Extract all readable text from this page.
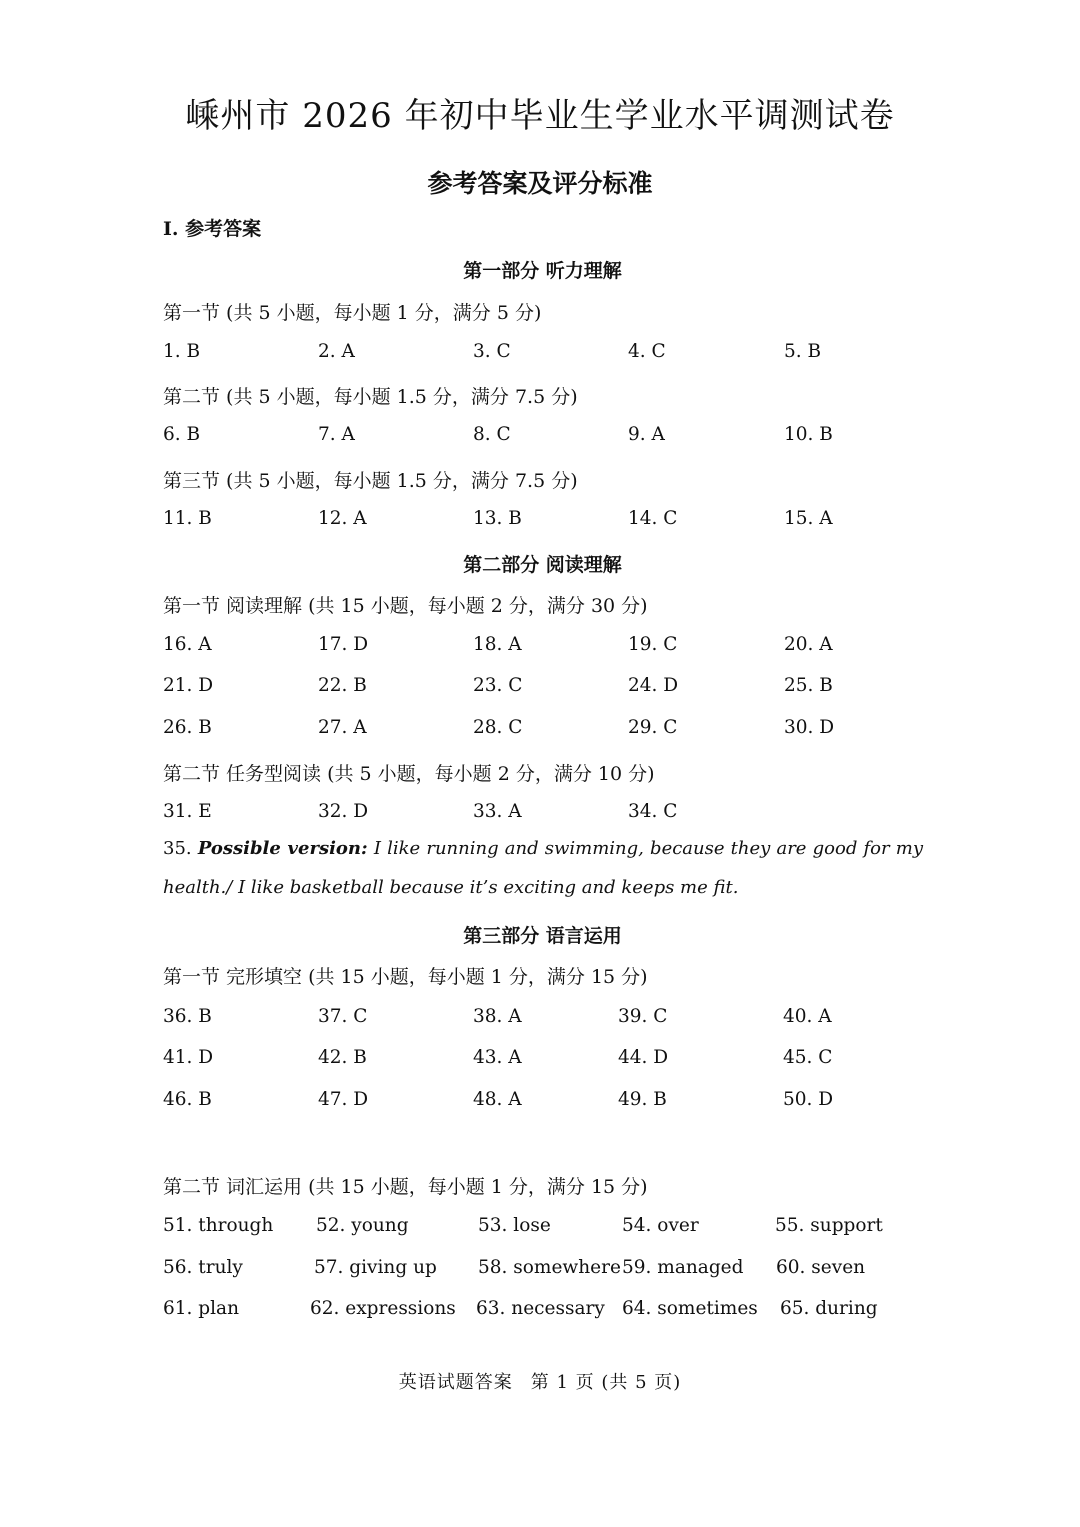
嵊州市 2026 年初中毕业生学业水平调测试卷
参考答案及评分标准
I. 参考答案
第一部分 听力理解
第一节 (共 5 小题，每小题 1 分，满分 5 分)
1. B	2. A	3. C	4. C	5. B
第二节 (共 5 小题，每小题 1.5 分，满分 7.5 分)
6. B	7. A	8. C	9. A	10. B
第三节 (共 5 小题，每小题 1.5 分，满分 7.5 分)
11. B	12. A	13. B	14. C	15. A
第二部分 阅读理解
第一节 阅读理解 (共 15 小题，每小题 2 分，满分 30 分)
16. A	17. D	18. A	19. C	20. A
21. D	22. B	23. C	24. D	25. B
26. B	27. A	28. C	29. C	30. D
第二节 任务型阅读 (共 5 小题，每小题 2 分，满分 10 分)
31. E	32. D	33. A	34. C
35. Possible version: I like running and swimming, because they are good for my health./ I like basketball because it’s exciting and keeps me fit.
第三部分 语言运用
第一节 完形填空 (共 15 小题，每小题 1 分，满分 15 分)
36. B	37. C	38. A	39. C	40. A
41. D	42. B	43. A	44. D	45. C
46. B	47. D	48. A	49. B	50. D
第二节 词汇运用 (共 15 小题，每小题 1 分，满分 15 分)
51. through 52. young	53. lose	54. over	55. support
56. truly	57. giving up 58. somewhere 59. managed 60. seven
61. plan	62. expressions 63. necessary 64. sometimes 65. during
英语试题答案 第 1 页 (共 5 页)
